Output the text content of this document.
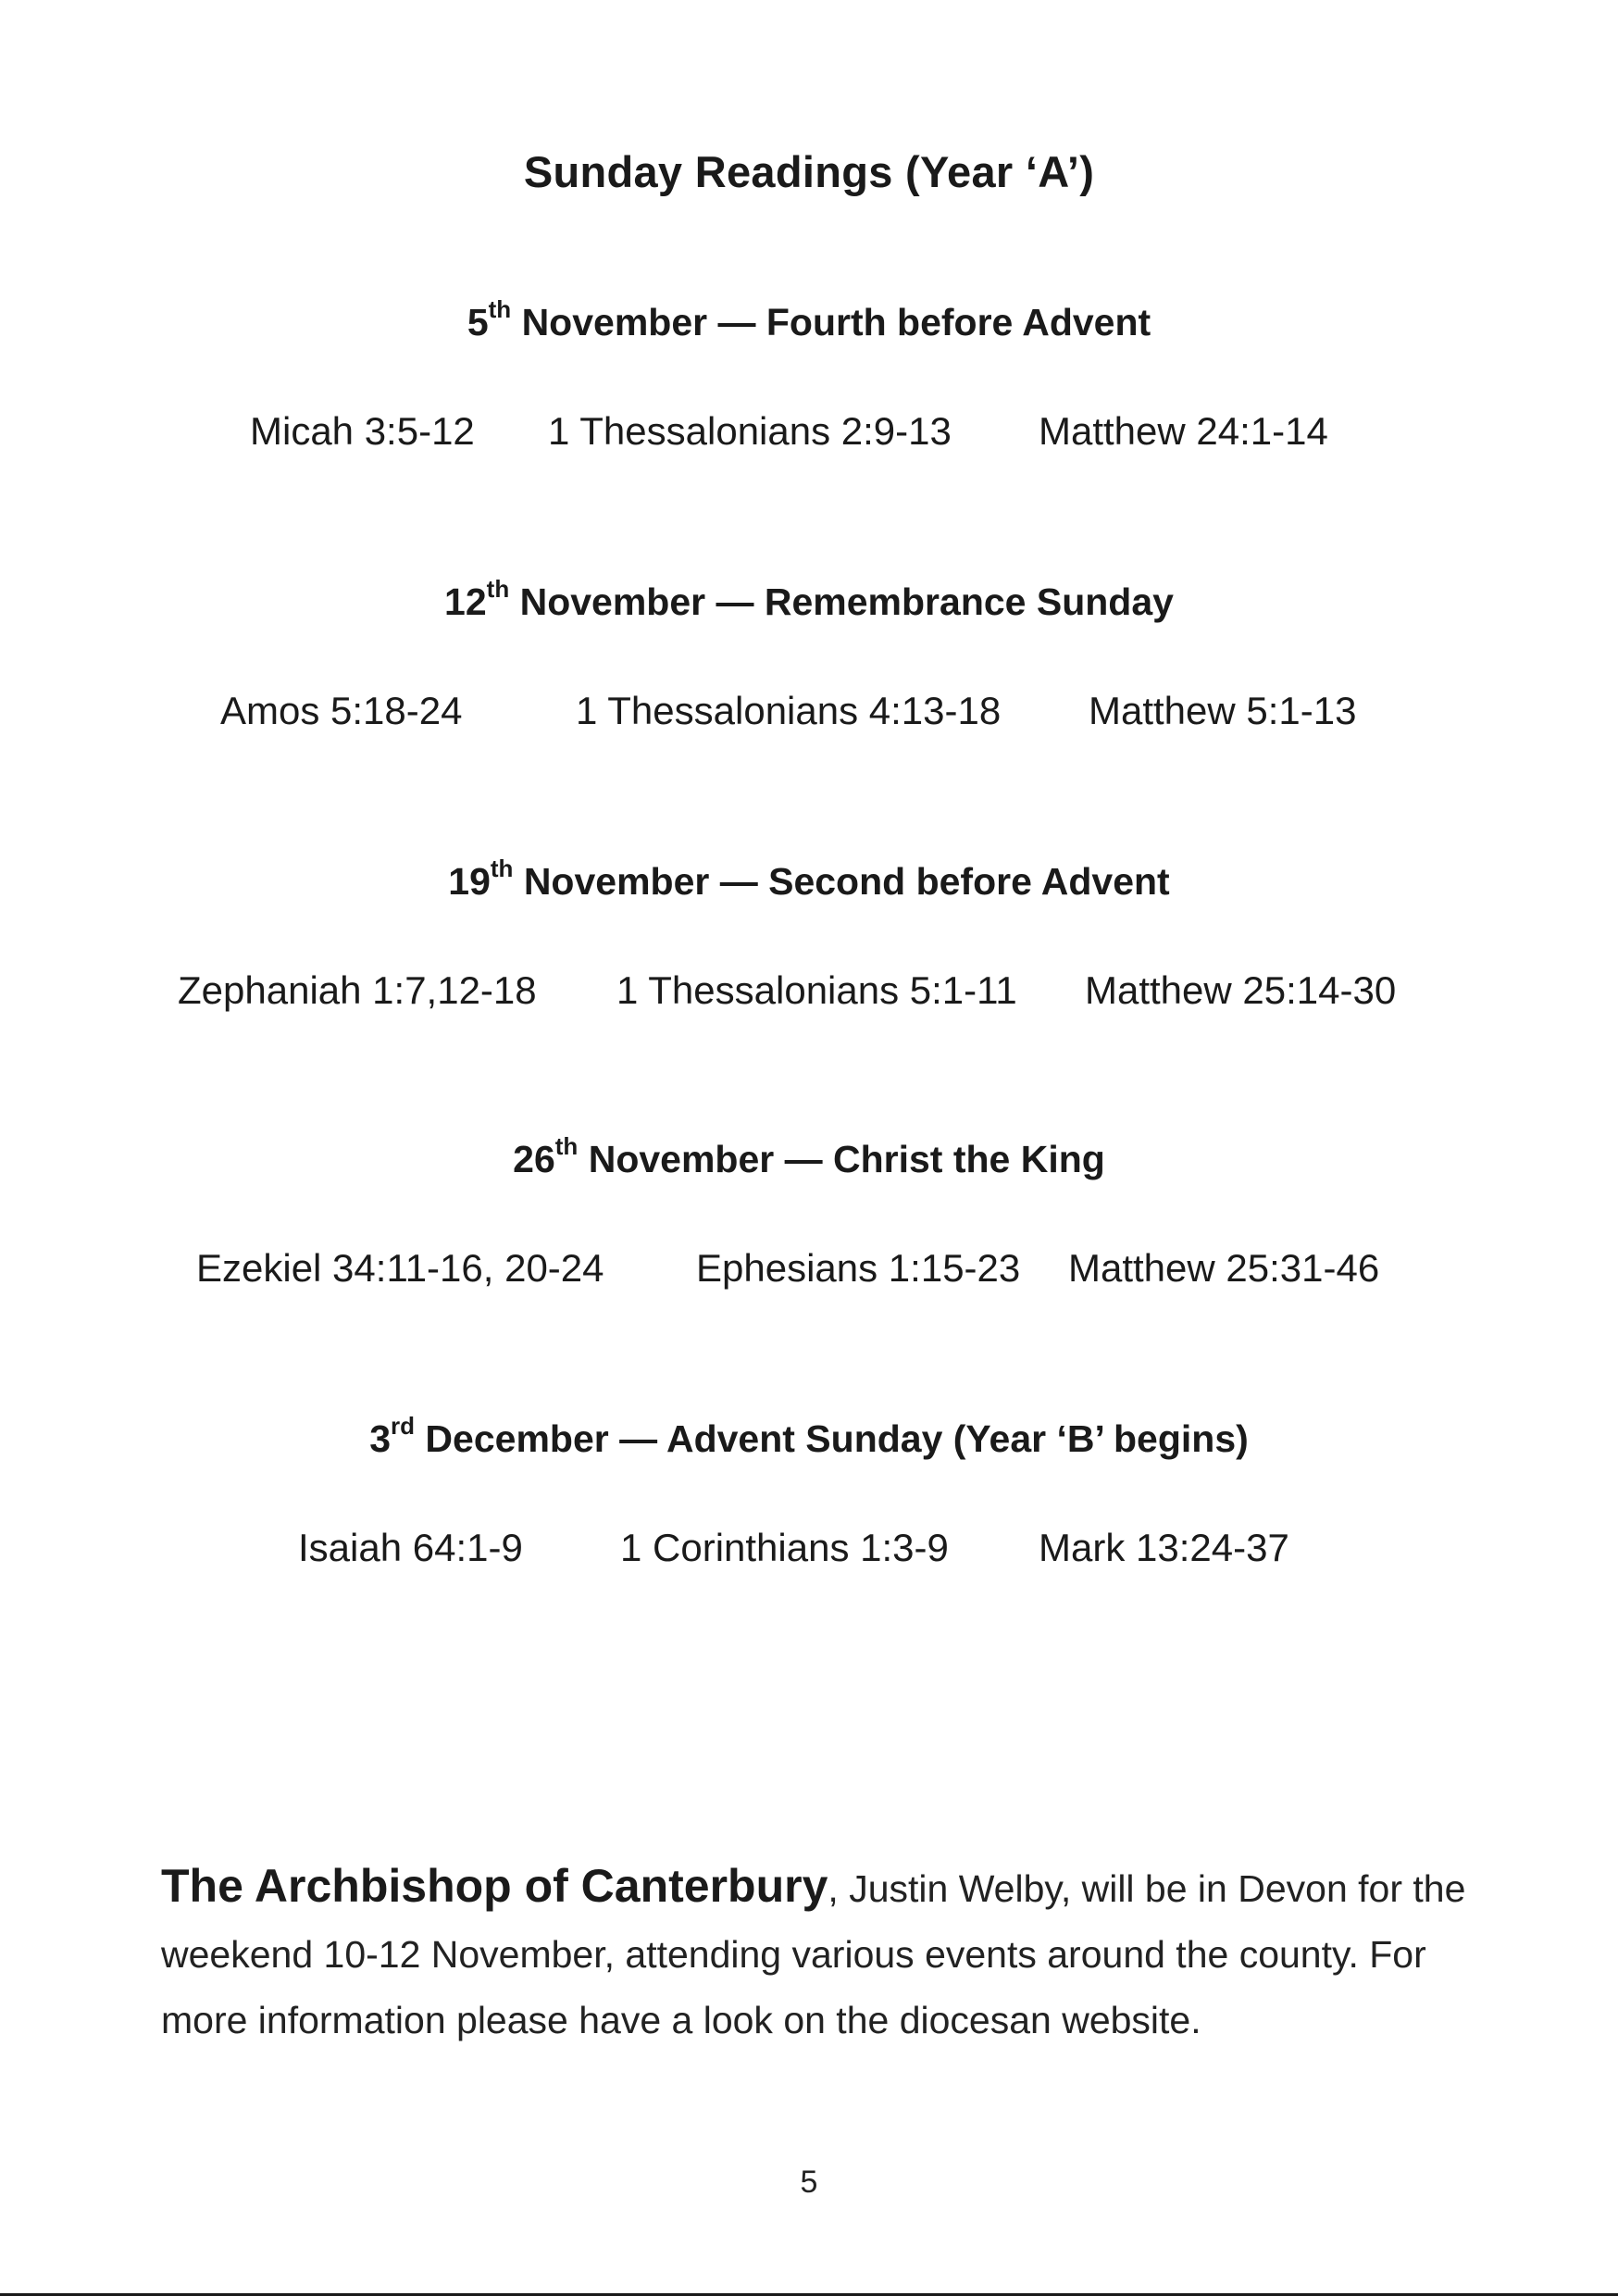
Sunday Readings (Year ‘A’)
5th November — Fourth before Advent
Micah 3:5-12 1 Thessalonians 2:9-13 Matthew 24:1-14
12th November — Remembrance Sunday
Amos 5:18-24	1 Thessalonians 4:13-18 Matthew 5:1-13
19th November — Second before Advent
Zephaniah 1:7,12-18 1 Thessalonians 5:1-11 Matthew 25:14-30
26th November — Christ the King
Ezekiel 34:11-16, 20-24 Ephesians 1:15-23 Matthew 25:31-46
3rd December — Advent Sunday (Year ‘B’ begins)
Isaiah 64:1-9	1 Corinthians 1:3-9 Mark 13:24-37
The Archbishop of Canterbury, Justin Welby, will be in Devon for the weekend 10-12 November, attending various events around the county. For more information please have a look on the diocesan website.
5
